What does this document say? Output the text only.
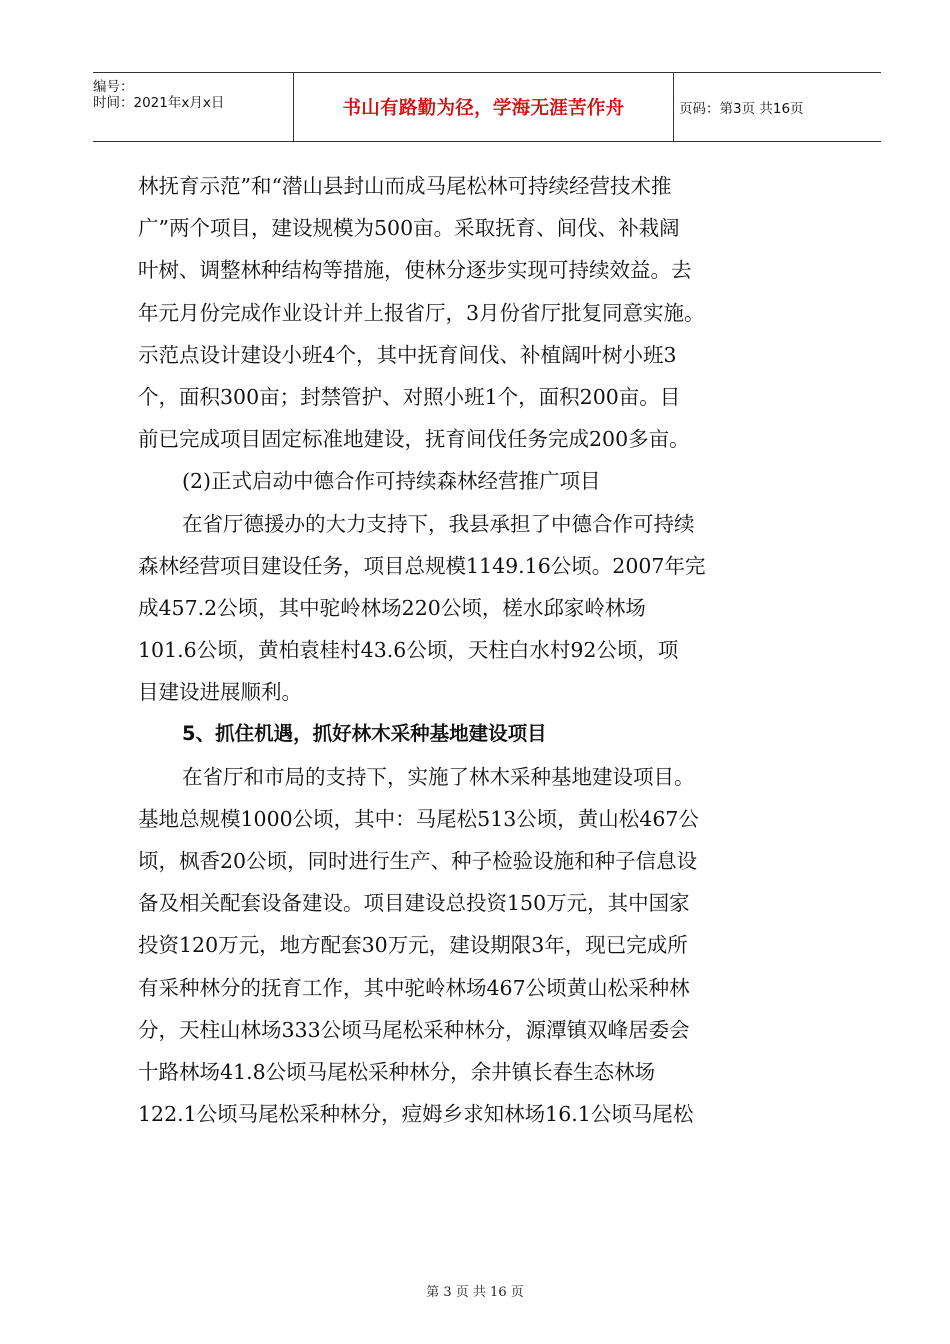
编号：
时间：2021年x月x日	书山有路勤为径，学海无涯苦作舟	页码：第3页 共16页
林抚育示范”和“潜山县封山而成马尾松林可持续经营技术推
广”两个项目，建设规模为500亩。采取抚育、间伐、补栽阔
叶树、调整林种结构等措施，使林分逐步实现可持续效益。去
年元月份完成作业设计并上报省厅，3月份省厅批复同意实施。
示范点设计建设小班4个，其中抚育间伐、补植阔叶树小班3
个，面积300亩；封禁管护、对照小班1个，面积200亩。目
前已完成项目固定标准地建设，抚育间伐任务完成200多亩。
(2)正式启动中德合作可持续森林经营推广项目
在省厅德援办的大力支持下，我县承担了中德合作可持续
森林经营项目建设任务，项目总规模1149.16公顷。2007年完
成457.2公顷，其中驼岭林场220公顷，槎水邱家岭林场
101.6公顷，黄柏袁桂村43.6公顷，天柱白水村92公顷，项
目建设进展顺利。
5、抓住机遇，抓好林木采种基地建设项目
在省厅和市局的支持下，实施了林木采种基地建设项目。
基地总规模1000公顷，其中：马尾松513公顷，黄山松467公
顷，枫香20公顷，同时进行生产、种子检验设施和种子信息设
备及相关配套设备建设。项目建设总投资150万元，其中国家
投资120万元，地方配套30万元，建设期限3年，现已完成所
有采种林分的抚育工作，其中驼岭林场467公顷黄山松采种林
分，天柱山林场333公顷马尾松采种林分，源潭镇双峰居委会
十路林场41.8公顷马尾松采种林分，余井镇长春生态林场
122.1公顷马尾松采种林分，痘姆乡求知林场16.1公顷马尾松
第 3 页 共 16 页
